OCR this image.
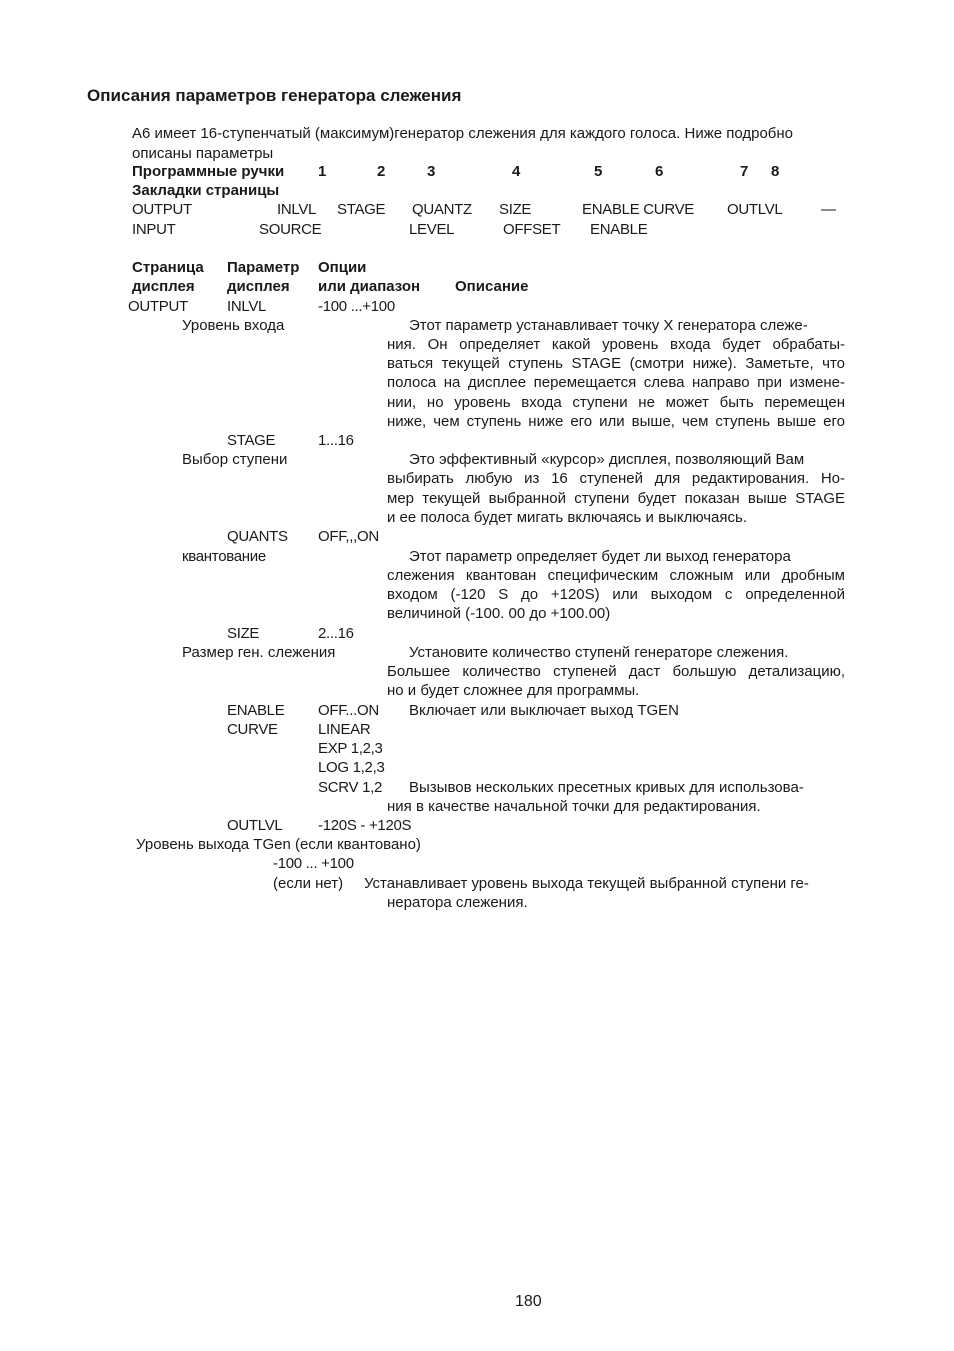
Описания параметров генератора слежения
А6 имеет 16-ступенчатый (максимум)генератор слежения для каждого голоса. Ниже подробно
описаны параметры
Программные ручки 1	2	3	4	5	6	7 8
Закладки страницы
OUTPUT	INLVL STAGE QUANTZ SIZE	ENABLE CURVE OUTLVL	—
INPUT	SOURCE	LEVEL	OFFSET ENABLE
Страница Параметр Опции
дисплея дисплея или диапазон Описание
OUTPUT	INLVL	-100 ...+100
Уровень входа	Этот параметр устанавливает точку X генератора слеже-
ния. Он определяет какой уровень входа будет обрабаты-
ваться текущей ступень STAGE (смотри ниже). Заметьте, что
полоса на дисплее перемещается слева направо при измене-
нии, но уровень входа ступени не может быть перемещен
ниже, чем ступень ниже его или выше, чем ступень выше его
STAGE	1...16
Выбор ступени	Это эффективный «курсор» дисплея, позволяющий Вам
выбирать любую из 16 ступеней для редактирования. Но-
мер текущей выбранной ступени будет показан выше STAGE
и ее полоса будет мигать включаясь и выключаясь.
QUANTS OFF,,,ON
квантование	Этот параметр определяет будет ли выход генератора
слежения квантован специфическим сложным или дробным
входом (-120 S до +120S) или выходом с определенной
величиной (-100. 00 до +100.00)
SIZE	2...16
Размер ген. слежения	Установите количество ступенй генераторе слежения.
Большее количество ступеней даст большую детализацию,
но и будет сложнее для программы.
ENABLE OFF...ON Включает или выключает выход TGEN
CURVE	LINEAR
EXP 1,2,3
LOG 1,2,3
SCRV 1,2 Вызывов нескольких пресетных кривых для использова-
ния в качестве начальной точки для редактирования.
OUTLVL -120S - +120S
Уровень выхода TGen (если квантовано)
-100 ... +100
(если нет) Устанавливает уровень выхода текущей выбранной ступени ге-
нератора слежения.
180
